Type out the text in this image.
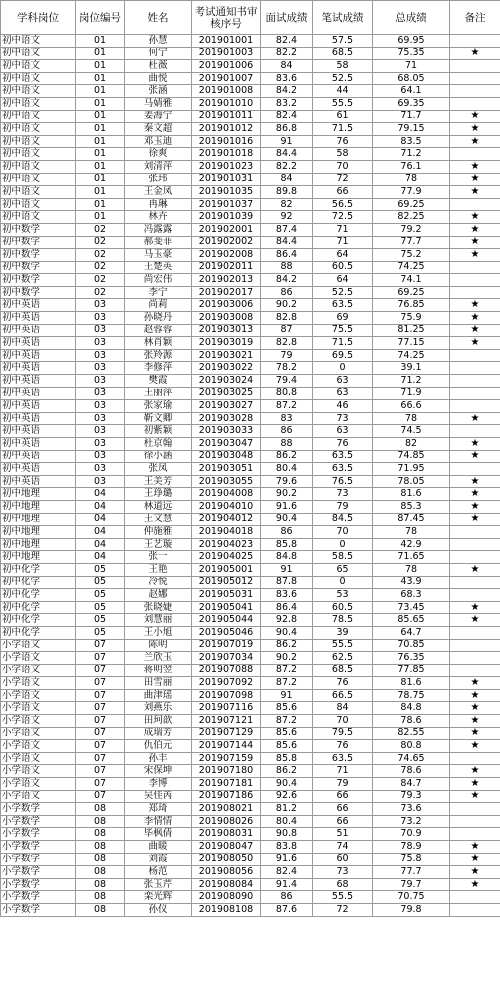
学科岗位	岗位编号	姓名	考试通知书审核序号	面试成绩	笔试成绩	总成绩	备注
初中语文	01	孙慧	201901001	82.4	57.5	69.95	
初中语文	01	何宁	201901003	82.2	68.5	75.35	★
初中语文	01	杜薇	201901006	84	58	71	
初中语文	01	曲悦	201901007	83.6	52.5	68.05	
初中语文	01	张涵	201901008	84.2	44	64.1	
初中语文	01	马婧雅	201901010	83.2	55.5	69.35	
初中语文	01	姜海宁	201901011	82.4	61	71.7	★
初中语文	01	秦文超	201901012	86.8	71.5	79.15	★
初中语文	01	邓玉迪	201901016	91	76	83.5	★
初中语文	01	徐爽	201901018	84.4	58	71.2	
初中语文	01	刘清萍	201901023	82.2	70	76.1	★
初中语文	01	张玮	201901031	84	72	78	★
初中语文	01	王金凤	201901035	89.8	66	77.9	★
初中语文	01	冉琳	201901037	82	56.5	69.25	
初中语文	01	林卉	201901039	92	72.5	82.25	★
初中数学	02	冯露露	201902001	87.4	71	79.2	★
初中数学	02	郝斐菲	201902002	84.4	71	77.7	★
初中数学	02	马玉豪	201902008	86.4	64	75.2	★
初中数学	02	王楚英	201902011	88	60.5	74.25	
初中数学	02	尚宏伟	201902013	84.2	64	74.1	
初中数学	02	李宁	201902017	86	52.5	69.25	
初中英语	03	尚莉	201903006	90.2	63.5	76.85	★
初中英语	03	孙晓丹	201903008	82.8	69	75.9	★
初中英语	03	赵蓉蓉	201903013	87	75.5	81.25	★
初中英语	03	林肖颖	201903019	82.8	71.5	77.15	★
初中英语	03	张羚源	201903021	79	69.5	74.25	
初中英语	03	李修萍	201903022	78.2	0	39.1	
初中英语	03	樊霞	201903024	79.4	63	71.2	
初中英语	03	王丽萍	201903025	80.8	63	71.9	
初中英语	03	张家瑜	201903027	87.2	46	66.6	
初中英语	03	靳文卿	201903028	83	73	78	★
初中英语	03	初紫颖	201903033	86	63	74.5	
初中英语	03	杜京翰	201903047	88	76	82	★
初中英语	03	徐小涵	201903048	86.2	63.5	74.85	★
初中英语	03	张凤	201903051	80.4	63.5	71.95	
初中英语	03	王美芳	201903055	79.6	76.5	78.05	★
初中地理	04	王琤璐	201904008	90.2	73	81.6	★
初中地理	04	林道远	201904010	91.6	79	85.3	★
初中地理	04	王文慧	201904012	90.4	84.5	87.45	★
初中地理	04	仲施雅	201904018	86	70	78	
初中地理	04	王艺璇	201904023	85.8	0	42.9	
初中地理	04	张一	201904025	84.8	58.5	71.65	
初中化学	05	王艳	201905001	91	65	78	★
初中化学	05	冷悦	201905012	87.8	0	43.9	
初中化学	05	赵娜	201905031	83.6	53	68.3	
初中化学	05	张晓婕	201905041	86.4	60.5	73.45	★
初中化学	05	刘慧丽	201905044	92.8	78.5	85.65	★
初中化学	05	王小旭	201905046	90.4	39	64.7	
小学语文	07	陈明	201907019	86.2	55.5	70.85	
小学语文	07	兰欣玉	201907034	90.2	62.5	76.35	
小学语文	07	蒋明翌	201907088	87.2	68.5	77.85	
小学语文	07	田雪丽	201907092	87.2	76	81.6	★
小学语文	07	曲津瑶	201907098	91	66.5	78.75	★
小学语文	07	刘燕乐	201907116	85.6	84	84.8	★
小学语文	07	田珂歆	201907121	87.2	70	78.6	★
小学语文	07	成瑞芳	201907129	85.6	79.5	82.55	★
小学语文	07	仇伯元	201907144	85.6	76	80.8	★
小学语文	07	孙丰	201907159	85.8	63.5	74.65	
小学语文	07	宋保坤	201907180	86.2	71	78.6	★
小学语文	07	李博	201907181	90.4	79	84.7	★
小学语文	07	吴佳芮	201907186	92.6	66	79.3	★
小学数学	08	郑琦	201908021	81.2	66	73.6	
小学数学	08	李情情	201908026	80.4	66	73.2	
小学数学	08	毕枫倩	201908031	90.8	51	70.9	
小学数学	08	曲暖	201908047	83.8	74	78.9	★
小学数学	08	刘霞	201908050	91.6	60	75.8	★
小学数学	08	杨范	201908056	82.4	73	77.7	★
小学数学	08	张玉芹	201908084	91.4	68	79.7	★
小学数学	08	栾光辉	201908090	86	55.5	70.75	
小学数学	08	孙仪	201908108	87.6	72	79.8	
